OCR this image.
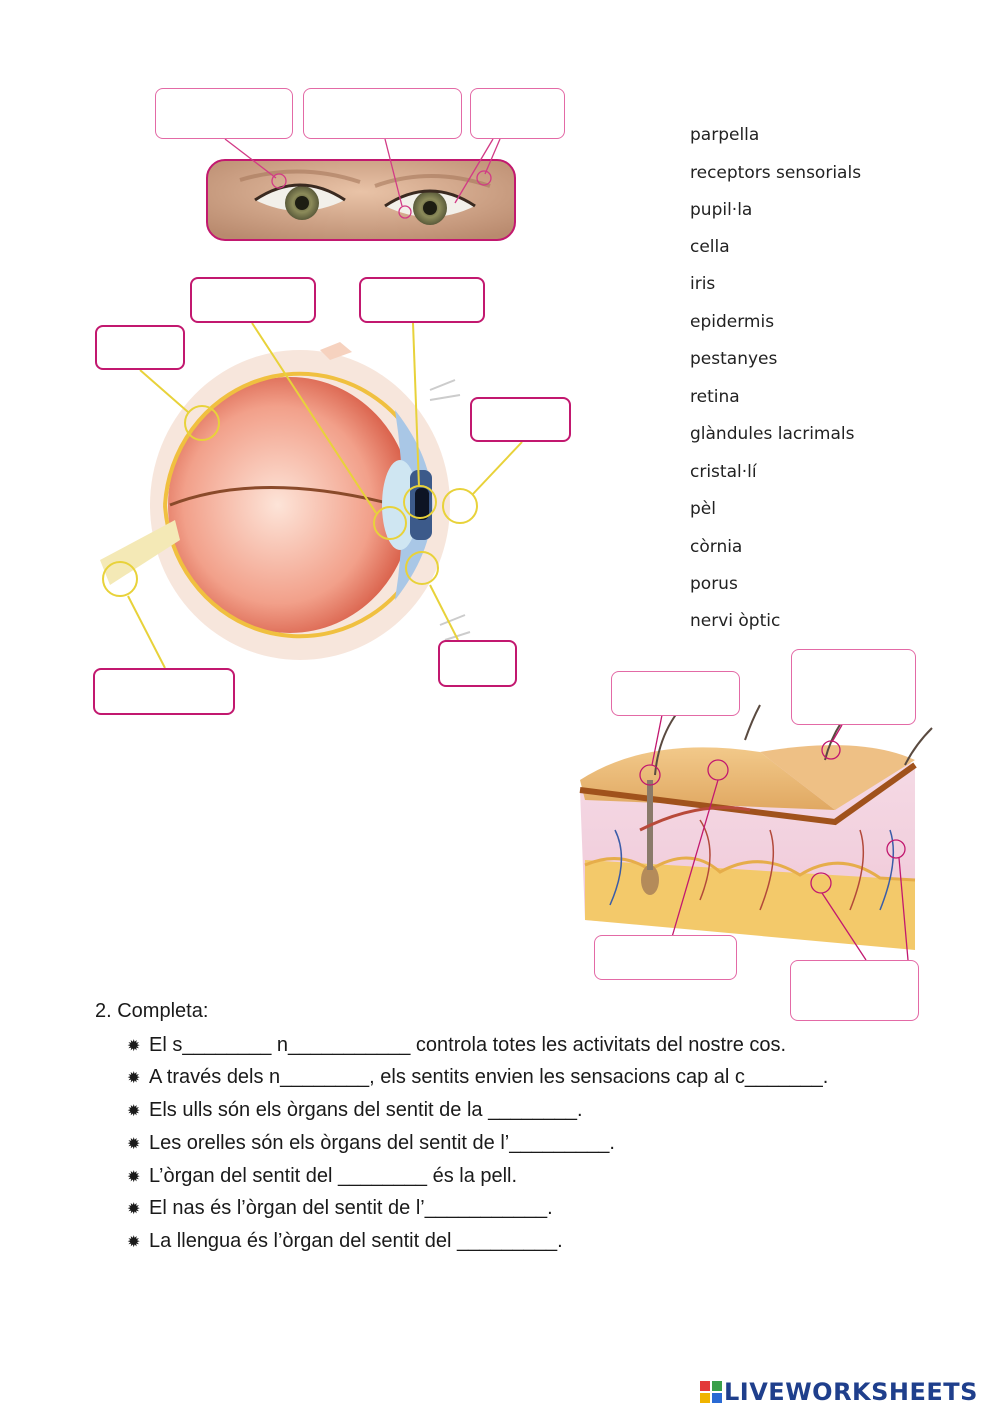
parpella
receptors sensorials
pupil·la
cella
iris
epidermis
pestanyes
retina
glàndules lacrimals
cristal·lí
pèl
còrnia
porus
nervi òptic
2. Completa:
✹ El s________ n___________ controla totes les activitats del nostre cos.
✹ A través dels n________, els sentits envien les sensacions cap al c_______.
✹ Els ulls són els òrgans del sentit de la ________.
✹ Les orelles són els òrgans del sentit de l’_________.
✹ L’òrgan del sentit del ________ és la pell.
✹ El nas és l’òrgan del sentit de l’___________.
✹ La llengua és l’òrgan del sentit del _________.
LIVEWORKSHEETS
